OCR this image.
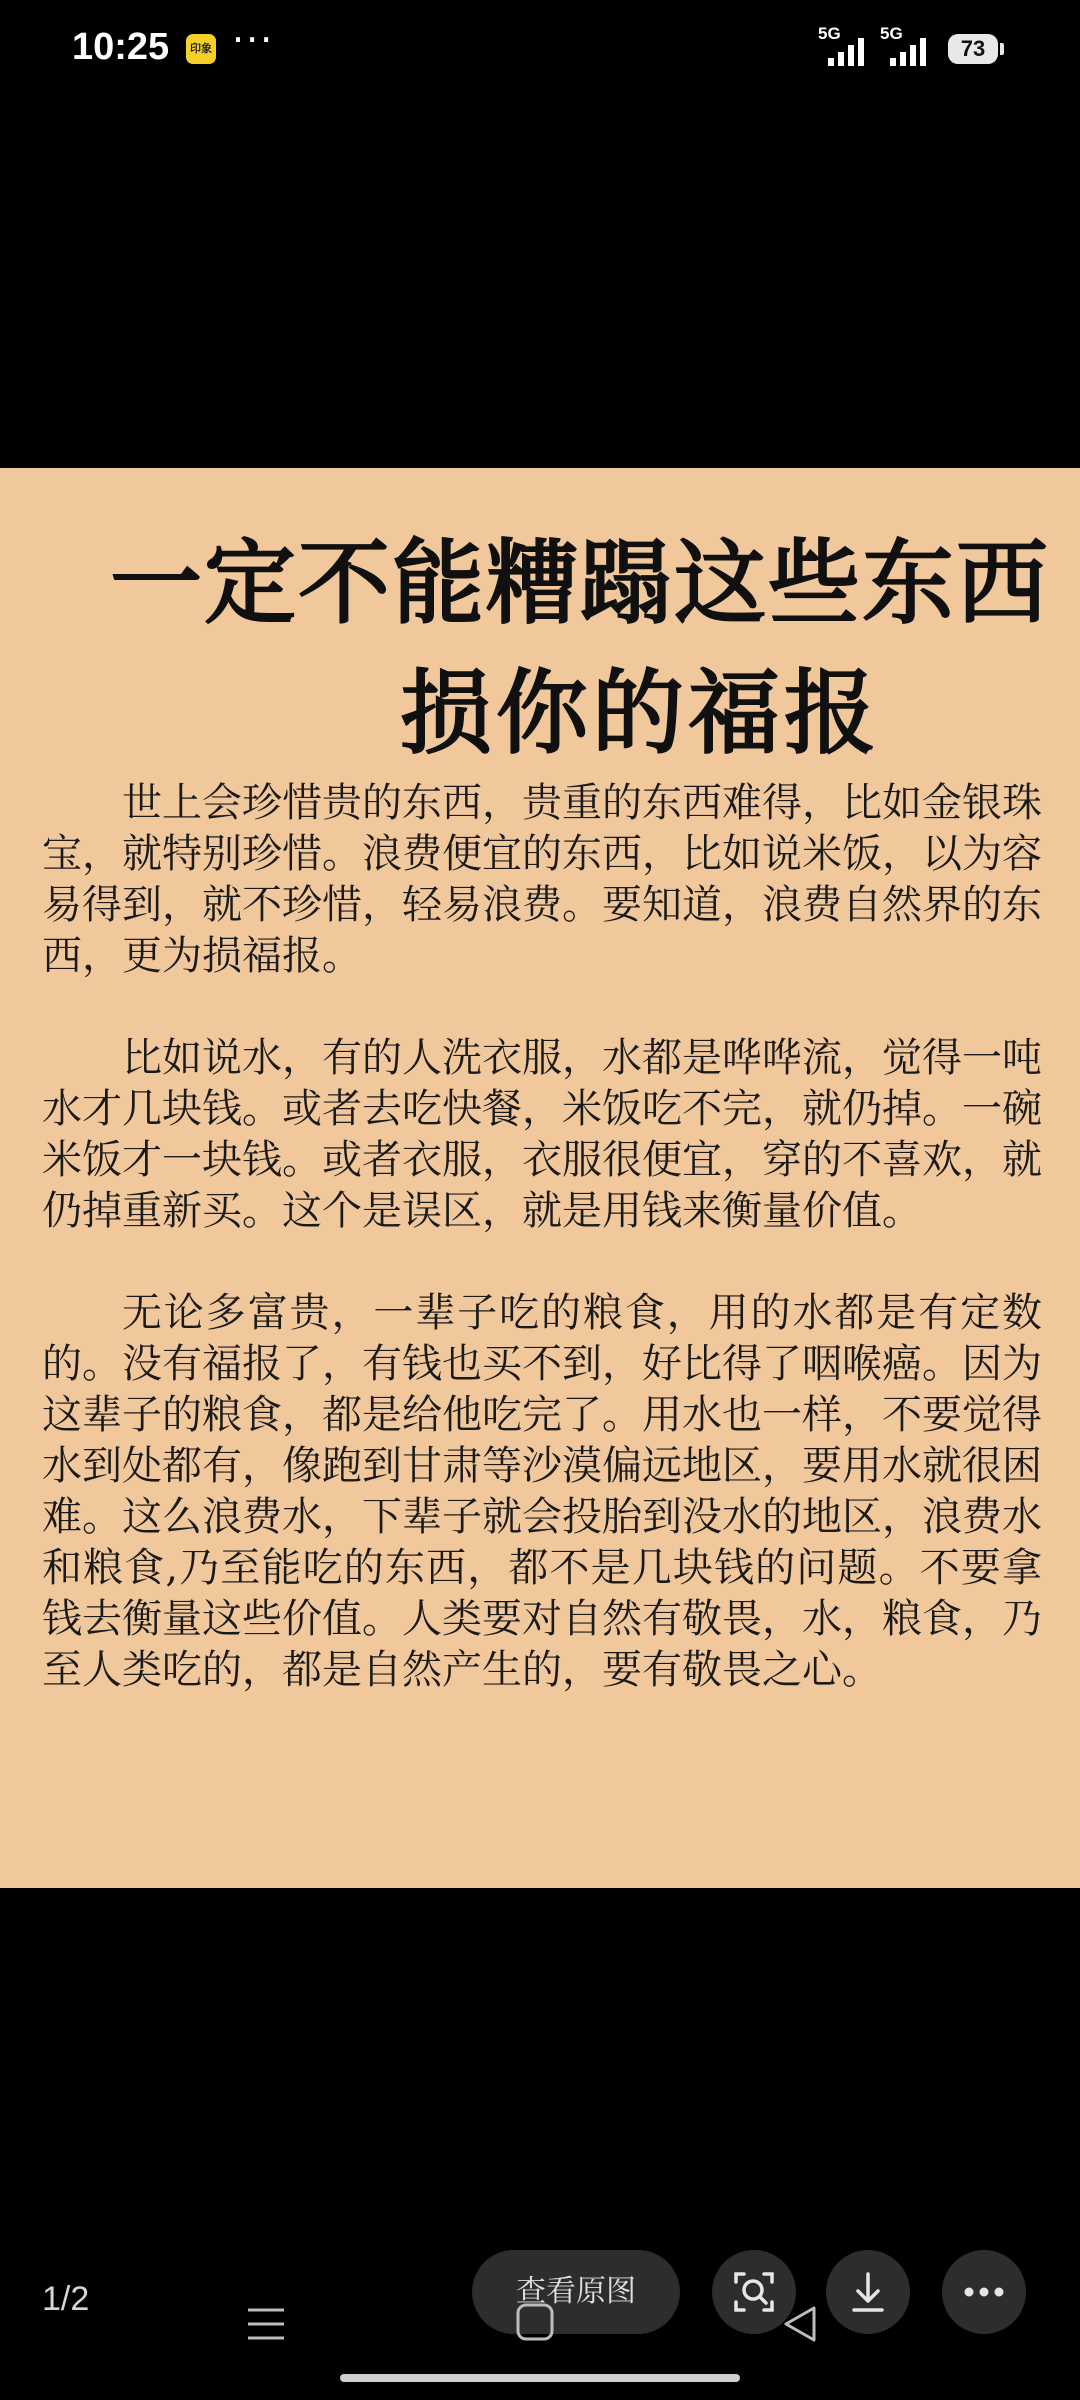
10:25	印象 ···	5G 5G
73
一定不能糟蹋这些东西
损你的福报

世上会珍惜贵的东西，贵重的东西难得，比如金银珠宝，就特别珍惜。浪费便宜的东西，比如说米饭，以为容易得到，就不珍惜，轻易浪费。要知道，浪费自然界的东西，更为损福报。

比如说水，有的人洗衣服，水都是哗哗流，觉得一吨水才几块钱。或者去吃快餐，米饭吃不完，就仍掉。一碗米饭才一块钱。或者衣服，衣服很便宜，穿的不喜欢，就仍掉重新买。这个是误区，就是用钱来衡量价值。

无论多富贵，一辈子吃的粮食，用的水都是有定数的。没有福报了，有钱也买不到，好比得了咽喉癌。因为这辈子的粮食，都是给他吃完了。用水也一样，不要觉得水到处都有，像跑到甘肃等沙漠偏远地区，要用水就很困难。这么浪费水，下辈子就会投胎到没水的地区，浪费水和粮食,乃至能吃的东西，都不是几块钱的问题。不要拿钱去衡量这些价值。人类要对自然有敬畏，水，粮食，乃至人类吃的，都是自然产生的，要有敬畏之心。

1/2	查看原图
